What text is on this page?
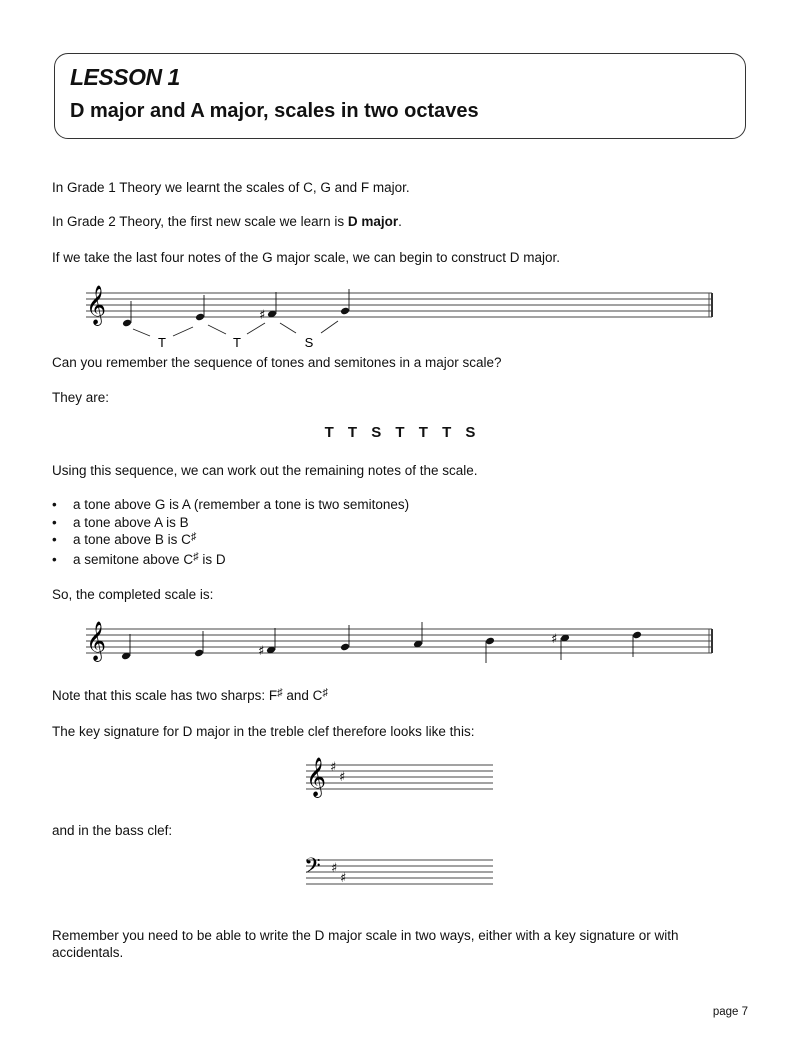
LESSON 1
D major and A major, scales in two octaves
In Grade 1 Theory we learnt the scales of C, G and F major.
In Grade 2 Theory, the first new scale we learn is D major.
If we take the last four notes of the G major scale, we can begin to construct D major.
𝄞	♯
T	T	S
Can you remember the sequence of tones and semitones in a major scale?
They are:
T T S T T T S
Using this sequence, we can work out the remaining notes of the scale.
• a tone above G is A (remember a tone is two semitones)
• a tone above A is B
• a tone above B is C♯
• a semitone above C♯ is D
So, the completed scale is:
𝄞	♯
♯
Note that this scale has two sharps: F♯ and C♯
The key signature for D major in the treble clef therefore looks like this:
𝄞 ♯
♯
and in the bass clef:
𝄢 ♯
♯
Remember you need to be able to write the D major scale in two ways, either with a key signature or with accidentals.
page 7
